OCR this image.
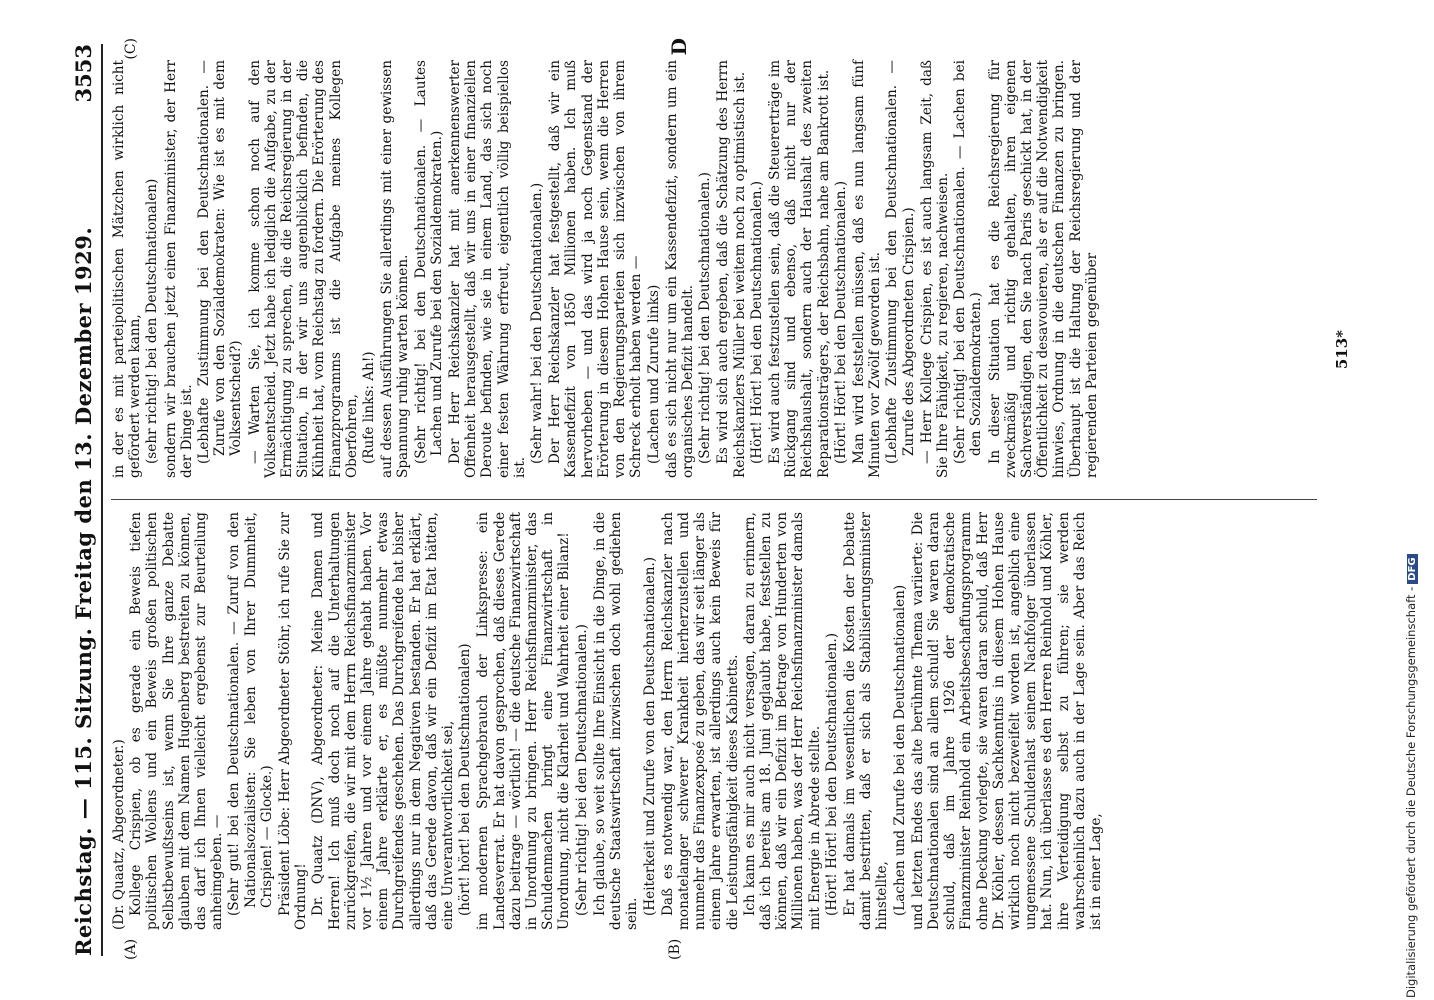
Reichstag. — 115. Sitzung. Freitag den 13. Dezember 1929.
3553
(A)	(B)
(C)	D

(Dr. Quaatz, Abgeordneter.) Kollege Crispien, ob es gerade ein Beweis tiefen politischen Wollens und ein Beweis großen politischen Selbstbewußtseins ist, wenn Sie Ihre ganze Debatte glauben mit dem Namen Hugenberg bestreiten zu können, das darf ich Ihnen vielleicht ergebenst zur Beurteilung anheimgeben. — (Sehr gut! bei den Deutschnationalen. — Zuruf von den Nationalsozialisten: Sie leben von Ihrer Dummheit, Crispien! — Glocke.) Präsident Löbe: Herr Abgeordneter Stöhr, ich rufe Sie zur Ordnung! Dr. Quaatz (DNV), Abgeordneter: Meine Damen und Herren! Ich muß doch noch auf die Unterhaltungen zurückgreifen, die wir mit dem Herrn Reichsfinanzminister vor 1½ Jahren und vor einem Jahre gehabt haben. Vor einem Jahre erklärte er, es müßte nunmehr etwas Durchgreifendes geschehen. Das Durchgreifende hat bisher allerdings nur in dem Negativen bestanden. Er hat erklärt, daß das Gerede davon, daß wir ein Defizit im Etat hätten, eine Unverantwortlichkeit sei, (hört! hört! bei den Deutschnationalen) im modernen Sprachgebrauch der Linkspresse: ein Landesverrat. Er hat davon gesprochen, daß dieses Gerede dazu beitrage — wörtlich! — die deutsche Finanzwirtschaft in Unordnung zu bringen. Herr Reichsfinanzminister, das Schuldenmachen bringt eine Finanzwirtschaft in Unordnung, nicht die Klarheit und Wahrheit einer Bilanz! (Sehr richtig! bei den Deutschnationalen.) Ich glaube, so weit sollte Ihre Einsicht in die Dinge, in die deutsche Staatswirtschaft inzwischen doch wohl gediehen sein. (Heiterkeit und Zurufe von den Deutschnationalen.) Daß es notwendig war, den Herrn Reichskanzler nach monatelanger schwerer Krankheit hierherzustellen und nunmehr das Finanzexposé zu geben, das wir seit länger als einem Jahre erwarten, ist allerdings auch kein Beweis für die Leistungsfähigkeit dieses Kabinetts. Ich kann es mir auch nicht versagen, daran zu erinnern, daß ich bereits am 18. Juni geglaubt habe, feststellen zu können, daß wir ein Defizit im Betrage von Hunderten von Millionen haben, was der Herr Reichsfinanzminister damals mit Energie in Abrede stellte. (Hört! Hört! bei den Deutschnationalen.) Er hat damals im wesentlichen die Kosten der Debatte damit bestritten, daß er sich als Stabilisierungsminister hinstellte, (Lachen und Zurufe bei den Deutschnationalen) und letzten Endes das alte berühmte Thema variierte: Die Deutschnationalen sind an allem schuld! Sie waren daran schuld, daß im Jahre 1926 der demokratische Finanzminister Reinhold ein Arbeitsbeschaffungsprogramm ohne Deckung vorlegte, sie waren daran schuld, daß Herr Dr. Köhler, dessen Sachkenntnis in diesem Hohen Hause wirklich noch nicht bezweifelt worden ist, angeblich eine ungemessene Schuldenlast seinem Nachfolger überlassen hat. Nun, ich überlasse es den Herren Reinhold und Köhler, ihre Verteidigung selbst zu führen; sie werden wahrscheinlich dazu auch in der Lage sein. Aber das Reich ist in einer Lage,

in der es mit parteipolitischen Mätzchen wirklich nicht gefördert werden kann, (sehr richtig! bei den Deutschnationalen) sondern wir brauchen jetzt einen Finanzminister, der Herr der Dinge ist. (Lebhafte Zustimmung bei den Deutschnationalen. — Zurufe von den Sozialdemokraten: Wie ist es mit dem Volksentscheid?) — Warten Sie, ich komme schon noch auf den Volksentscheid. Jetzt habe ich lediglich die Aufgabe, zu der Ermächtigung zu sprechen, die die Reichsregierung in der Situation, in der wir uns augenblicklich befinden, die Kühnheit hat, vom Reichstag zu fordern. Die Erörterung des Finanzprogramms ist die Aufgabe meines Kollegen Oberfohren, (Rufe links: Ah!) auf dessen Ausführungen Sie allerdings mit einer gewissen Spannung ruhig warten können. (Sehr richtig! bei den Deutschnationalen. — Lautes Lachen und Zurufe bei den Sozialdemokraten.) Der Herr Reichskanzler hat mit anerkennenswerter Offenheit herausgestellt, daß wir uns in einer finanziellen Deroute befinden, wie sie in einem Land, das sich noch einer festen Währung erfreut, eigentlich völlig beispiellos ist.

(Sehr wahr! bei den Deutschnationalen.) Der Herr Reichskanzler hat festgestellt, daß wir ein Kassendefizit von 1850 Millionen haben. Ich muß hervorheben — und das wird ja noch Gegenstand der Erörterung in diesem Hohen Hause sein, wenn die Herren von den Regierungsparteien sich inzwischen von ihrem Schreck erholt haben werden — (Lachen und Zurufe links) daß es sich nicht nur um ein Kassendefizit, sondern um ein organisches Defizit handelt. (Sehr richtig! bei den Deutschnationalen.) Es wird sich auch ergeben, daß die Schätzung des Herrn Reichskanzlers Müller bei weitem noch zu optimistisch ist. (Hört! Hört! bei den Deutschnationalen.) Es wird auch festzustellen sein, daß die Steuererträge im Rückgang sind und ebenso, daß nicht nur der Reichshaushalt, sondern auch der Haushalt des zweiten Reparationsträgers, der Reichsbahn, nahe am Bankrott ist. (Hört! Hört! bei den Deutschnationalen.) Man wird feststellen müssen, daß es nun langsam fünf Minuten vor Zwölf geworden ist. (Lebhafte Zustimmung bei den Deutschnationalen. — Zurufe des Abgeordneten Crispien.) — Herr Kollege Crispien, es ist auch langsam Zeit, daß Sie Ihre Fähigkeit, zu regieren, nachweisen. (Sehr richtig! bei den Deutschnationalen. — Lachen bei den Sozialdemokraten.) In dieser Situation hat es die Reichsregierung für zweckmäßig und richtig gehalten, ihren eigenen Sachverständigen, den Sie nach Paris geschickt hat, in der Öffentlichkeit zu desavouieren, als er auf die Notwendigkeit hinwies, Ordnung in die deutschen Finanzen zu bringen. Überhaupt ist die Haltung der Reichsregierung und der regierenden Parteien gegenüber	513*
Digitalisierung gefördert durch die Deutsche Forschungsgemeinschaft -DFG
